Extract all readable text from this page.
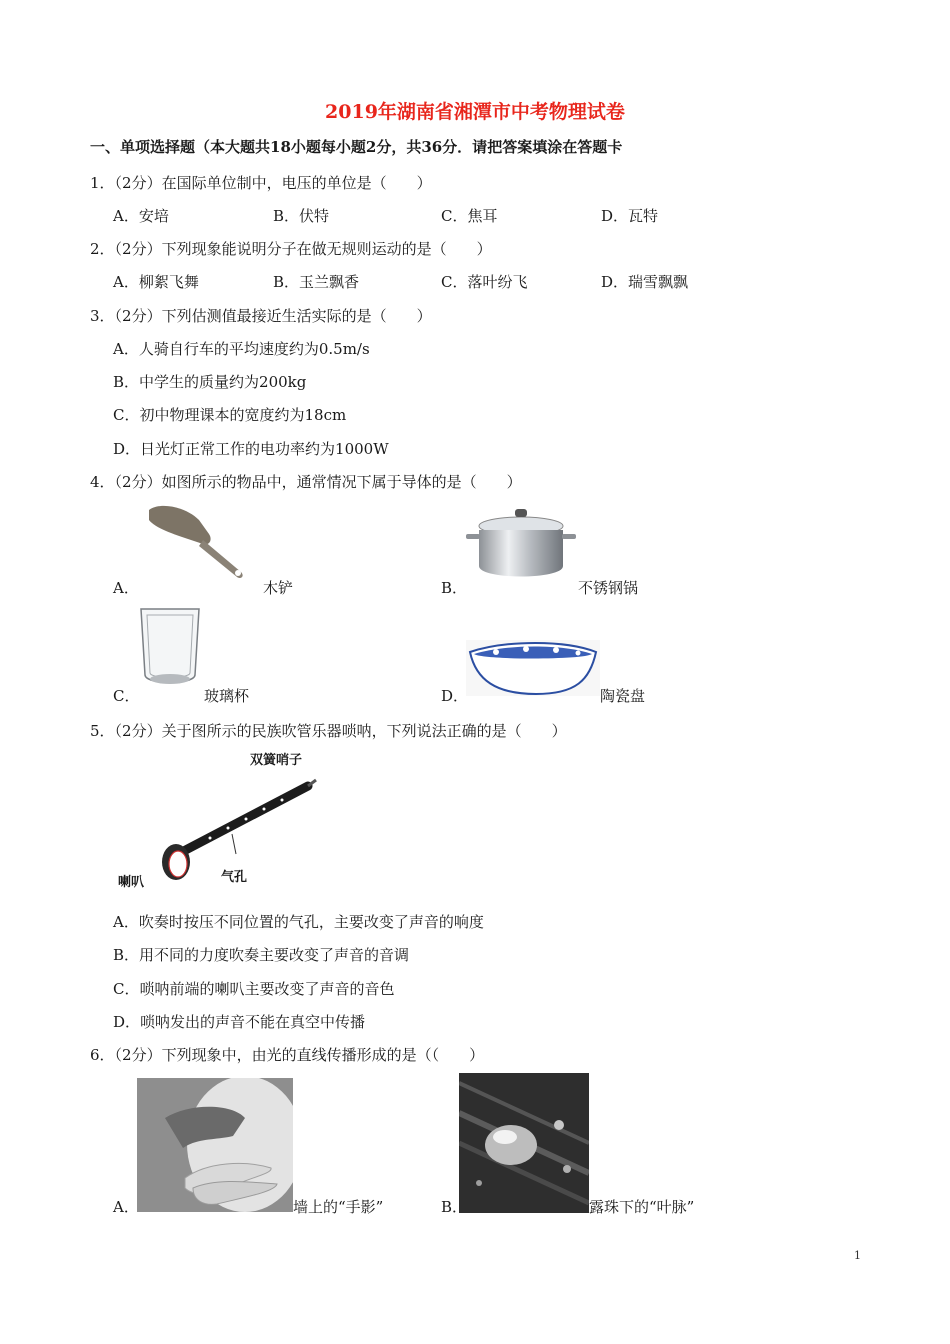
2019年湖南省湘潭市中考物理试卷
一、单项选择题（本大题共18小题每小题2分，共36分．请把答案填涂在答题卡
1．（2分）在国际单位制中，电压的单位是（　　）
A．安培	B．伏特	C．焦耳	D．瓦特
2．（2分）下列现象能说明分子在做无规则运动的是（　　）
A．柳絮飞舞	B．玉兰飘香	C．落叶纷飞	D．瑞雪飘飘
3．（2分）下列估测值最接近生活实际的是（　　）
A．人骑自行车的平均速度约为0.5m/s
B．中学生的质量约为200kg
C．初中物理课本的宽度约为18cm
D．日光灯正常工作的电功率约为1000W
4．（2分）如图所示的物品中，通常情况下属于导体的是（　　）
A．	木铲	B．	不锈钢锅
C．	玻璃杯	D．	陶瓷盘
5．（2分）关于图所示的民族吹管乐器唢呐，下列说法正确的是（　　）
双簧哨子
喇叭	气孔
A．吹奏时按压不同位置的气孔，主要改变了声音的响度
B．用不同的力度吹奏主要改变了声音的音调
C．唢呐前端的喇叭主要改变了声音的音色
D．唢呐发出的声音不能在真空中传播
6．（2分）下列现象中，由光的直线传播形成的是（（　　）
A．	墙上的“手影”	B．	露珠下的“叶脉”
1
